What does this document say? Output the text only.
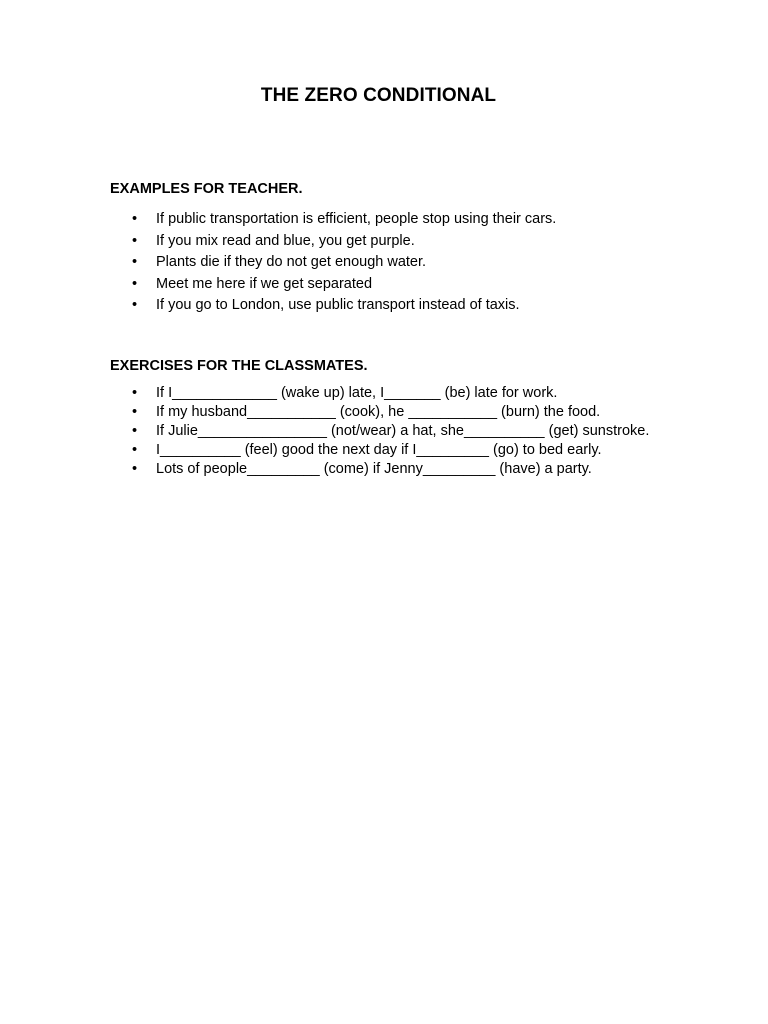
THE ZERO CONDITIONAL
EXAMPLES FOR TEACHER.
• If public transportation is efficient, people stop using their cars.
• If you mix read and blue, you get purple.
• Plants die if they do not get enough water.
• Meet me here if we get separated
• If you go to London, use public transport instead of taxis.
EXERCISES FOR THE CLASSMATES.
• If I_____________ (wake up) late, I_______ (be) late for work.
• If my husband___________ (cook), he ___________ (burn) the food.
• If Julie________________ (not/wear) a hat, she__________ (get) sunstroke.
• I__________ (feel) good the next day if I_________ (go) to bed early.
• Lots of people_________ (come) if Jenny_________ (have) a party.
